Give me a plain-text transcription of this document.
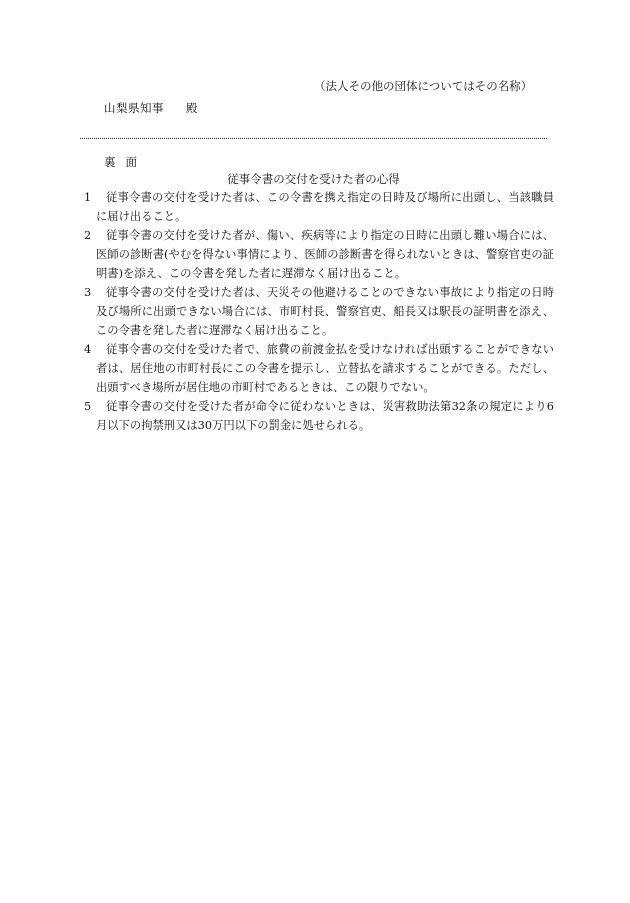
（法人その他の団体についてはその名称）
山梨県知事 殿
裏面
従事令書の交付を受けた者の心得
1	従事令書の交付を受けた者は、この令書を携え指定の日時及び場所に出頭し、当該職員に届け出ること。
2	従事令書の交付を受けた者が、傷い、疾病等により指定の日時に出頭し難い場合には、医師の診断書(やむを得ない事情により、医師の診断書を得られないときは、警察官吏の証明書)を添え、この令書を発した者に遅滞なく届け出ること。
3	従事令書の交付を受けた者は、天災その他避けることのできない事故により指定の日時及び場所に出頭できない場合には、市町村長、警察官吏、船長又は駅長の証明書を添え、この令書を発した者に遅滞なく届け出ること。
4	従事令書の交付を受けた者で、旅費の前渡金払を受けなければ出頭することができない者は、居住地の市町村長にこの令書を提示し、立替払を請求することができる。ただし、出頭すべき場所が居住地の市町村であるときは、この限りでない。
5	従事令書の交付を受けた者が命令に従わないときは、災害救助法第32条の規定により6月以下の拘禁刑又は30万円以下の罰金に処せられる。
